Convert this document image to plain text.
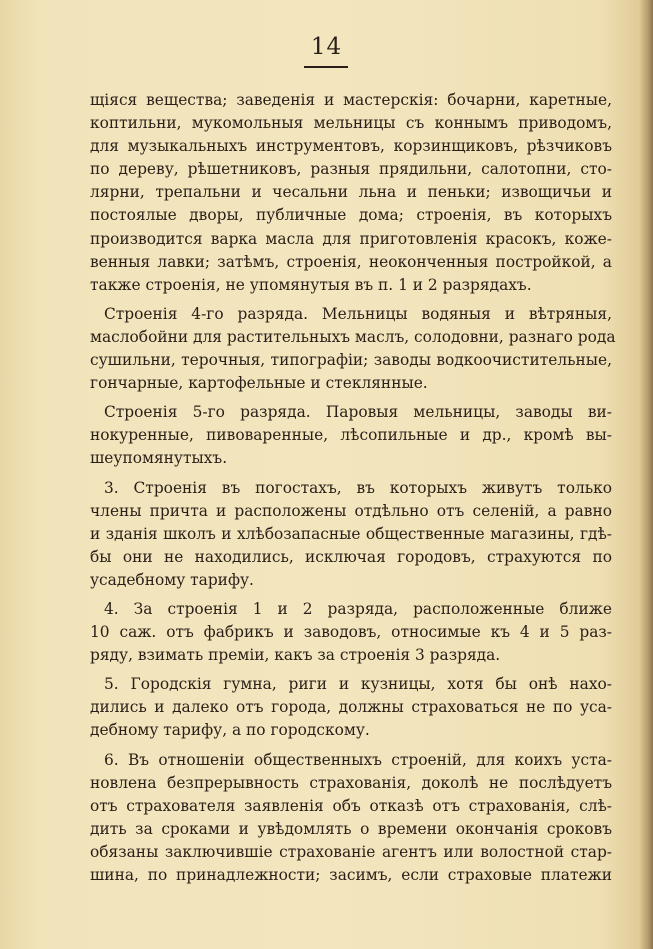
14
щіяся вещества; заведенія и мастерскія: бочарни, каретные,
коптильни, мукомольныя мельницы съ коннымъ приводомъ,
для музыкальныхъ инструментовъ, корзинщиковъ, рѣзчиковъ
по дереву, рѣшетниковъ, разныя прядильни, салотопни, сто-
лярни, трепальни и чесальни льна и пеньки; извощичьи и
постоялые дворы, публичные дома; строенія, въ которыхъ
производится варка масла для приготовленія красокъ, коже-
венныя лавки; затѣмъ, строенія, неоконченныя постройкой, а
также строенія, не упомянутыя въ п. 1 и 2 разрядахъ.
Строенія 4-го разряда. Мельницы водяныя и вѣтряныя,
маслобойни для растительныхъ маслъ, солодовни, разнаго рода
сушильни, терочныя, типографіи; заводы водкоочистительные,
гончарные, картофельные и стеклянные.
Строенія 5-го разряда. Паровыя мельницы, заводы ви-
нокуренные, пивоваренные, лѣсопильные и др., кромѣ вы-
шеупомянутыхъ.
3. Строенія въ погостахъ, въ которыхъ живутъ только
члены причта и расположены отдѣльно отъ селеній, а равно
и зданія школъ и хлѣбозапасные общественные магазины, гдѣ-
бы они не находились, исключая городовъ, страхуются по
усадебному тарифу.
4. За строенія 1 и 2 разряда, расположенные ближе
10 саж. отъ фабрикъ и заводовъ, относимые къ 4 и 5 раз-
ряду, взимать преміи, какъ за строенія 3 разряда.
5. Городскія гумна, риги и кузницы, хотя бы онѣ нахо-
дились и далеко отъ города, должны страховаться не по уса-
дебному тарифу, а по городскому.
6. Въ отношеніи общественныхъ строеній, для коихъ уста-
новлена безпрерывность страхованія, доколѣ не послѣдуетъ
отъ страхователя заявленія объ отказѣ отъ страхованія, слѣ-
дить за сроками и увѣдомлять о времени окончанія сроковъ
обязаны заключившіе страхованіе агентъ или волостной стар-
шина, по принадлежности; засимъ, если страховые платежи
